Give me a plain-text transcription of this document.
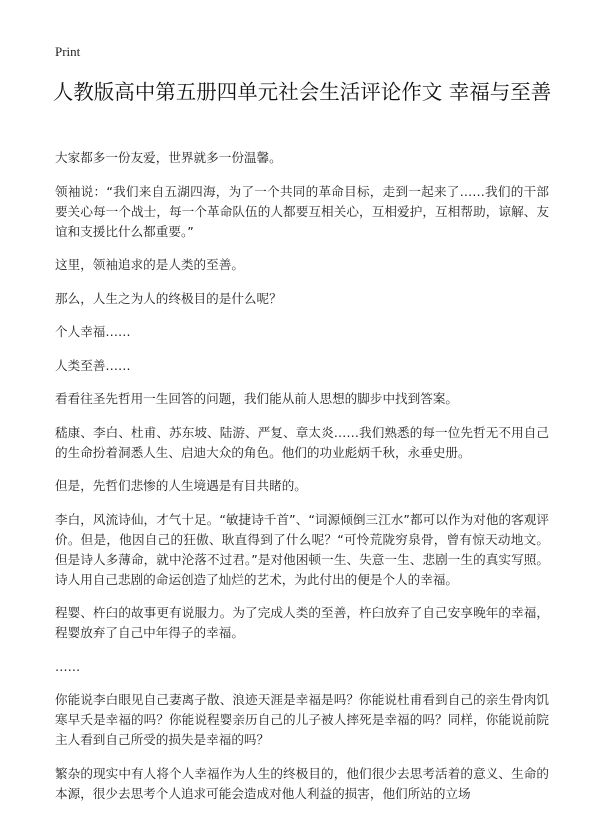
Print
人教版高中第五册四单元社会生活评论作文 幸福与至善

大家都多一份友爱，世界就多一份温馨。

领袖说：“我们来自五湖四海，为了一个共同的革命目标，走到一起来了……我们的干部要关心每一个战士，每一个革命队伍的人都要互相关心，互相爱护，互相帮助，谅解、友谊和支援比什么都重要。”

这里，领袖追求的是人类的至善。

那么，人生之为人的终极目的是什么呢？

个人幸福……

人类至善……

看看往圣先哲用一生回答的问题，我们能从前人思想的脚步中找到答案。

嵇康、李白、杜甫、苏东坡、陆游、严复、章太炎……我们熟悉的每一位先哲无不用自己的生命扮着洞悉人生、启迪大众的角色。他们的功业彪炳千秋，永垂史册。

但是，先哲们悲惨的人生境遇是有目共睹的。

李白，风流诗仙，才气十足。“敏捷诗千首”、“词源倾倒三江水”都可以作为对他的客观评价。但是，他因自己的狂傲、耿直得到了什么呢？“可怜荒陇穷泉骨，曾有惊天动地文。但是诗人多薄命，就中沦落不过君。”是对他困顿一生、失意一生、悲剧一生的真实写照。诗人用自己悲剧的命运创造了灿烂的艺术，为此付出的便是个人的幸福。

程婴、杵臼的故事更有说服力。为了完成人类的至善，杵臼放弃了自己安享晚年的幸福，程婴放弃了自己中年得子的幸福。

……

你能说李白眼见自己妻离子散、浪迹天涯是幸福是吗？你能说杜甫看到自己的亲生骨肉饥寒早夭是幸福的吗？你能说程婴亲历自己的儿子被人摔死是幸福的吗？同样，你能说前院主人看到自己所受的损失是幸福的吗？

繁杂的现实中有人将个人幸福作为人生的终极目的，他们很少去思考活着的意义、生命的本源，很少去思考个人追求可能会造成对他人利益的损害，他们所站的立场
